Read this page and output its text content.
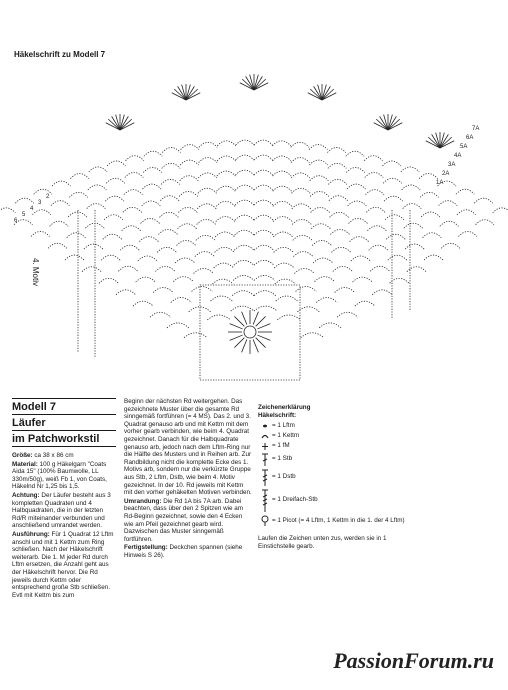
Häkelschrift zu Modell 7
6
5
4
3
2
7A
6A
5A
4A
3A
2A
1A
4. Motiv
Modell 7
Läufer
im Patchworkstil

Größe: ca 38 x 86 cm

Material: 100 g Häkelgarn "Coats Aida 15" (100% Baumwolle, LL 330m/50g), weiß Fb 1, von Coats, Häkelnd Nr 1,25 bis 1,5.

Achtung: Der Läufer besteht aus 3 kompletten Quadraten und 4 Halbquadraten, die in der letzten Rd/R miteinander verbunden und anschließend umrandet werden.

Ausführung: Für 1 Quadrat 12 Lftm anschl und mit 1 Kettm zum Ring schließen. Nach der Häkelschrift weiterarb. Die 1. M jeder Rd durch Lftm ersetzen, die Anzahl geht aus der Häkelschrift hervor. Die Rd jeweils durch Kettm oder entsprechend große Stb schließen. Evtl mit Kettm bis zum

Beginn der nächsten Rd weitergehen. Das gezeichnete Muster über die gesamte Rd sinngemäß fortführen (= 4 MS). Das 2. und 3. Quadrat genauso arb und mit Kettm mit dem vorher gearb verbinden, wie beim 4. Quadrat gezeichnet. Danach für die Halbquadrate genauso arb, jedoch nach dem Lftm-Ring nur die Hälfte des Musters und in Reihen arb. Zur Randbildung nicht die komplette Ecke des 1. Motivs arb, sondern nur die verkürzte Gruppe aus Stb, 2 Lftm, Dstb, wie beim 4. Motiv gezeichnet. In der 10. Rd jeweils mit Kettm mit den vorher gehäkelten Motiven verbinden.

Umrandung: Die Rd 1A bis 7A arb. Dabei beachten, dass über den 2 Spitzen wie am Rd-Beginn gezeichnet, sowie den 4 Ecken wie am Pfeil gezeichnet gearb wird. Dazwischen das Muster sinngemäß fortführen.

Fertigstellung: Deckchen spannen (siehe Hinweis S 26).

Zeichenerklärung
Häkelschrift:
= 1 Lftm
= 1 Kettm
= 1 fM
= 1 Stb
= 1 Dstb
= 1 Dreifach-Stb
= 1 Picot (= 4 Lftm, 1 Kettm in die 1. der 4 Lftm)

Laufen die Zeichen unten zus, werden sie in 1 Einstichstelle gearb.

PassionForum.ru
